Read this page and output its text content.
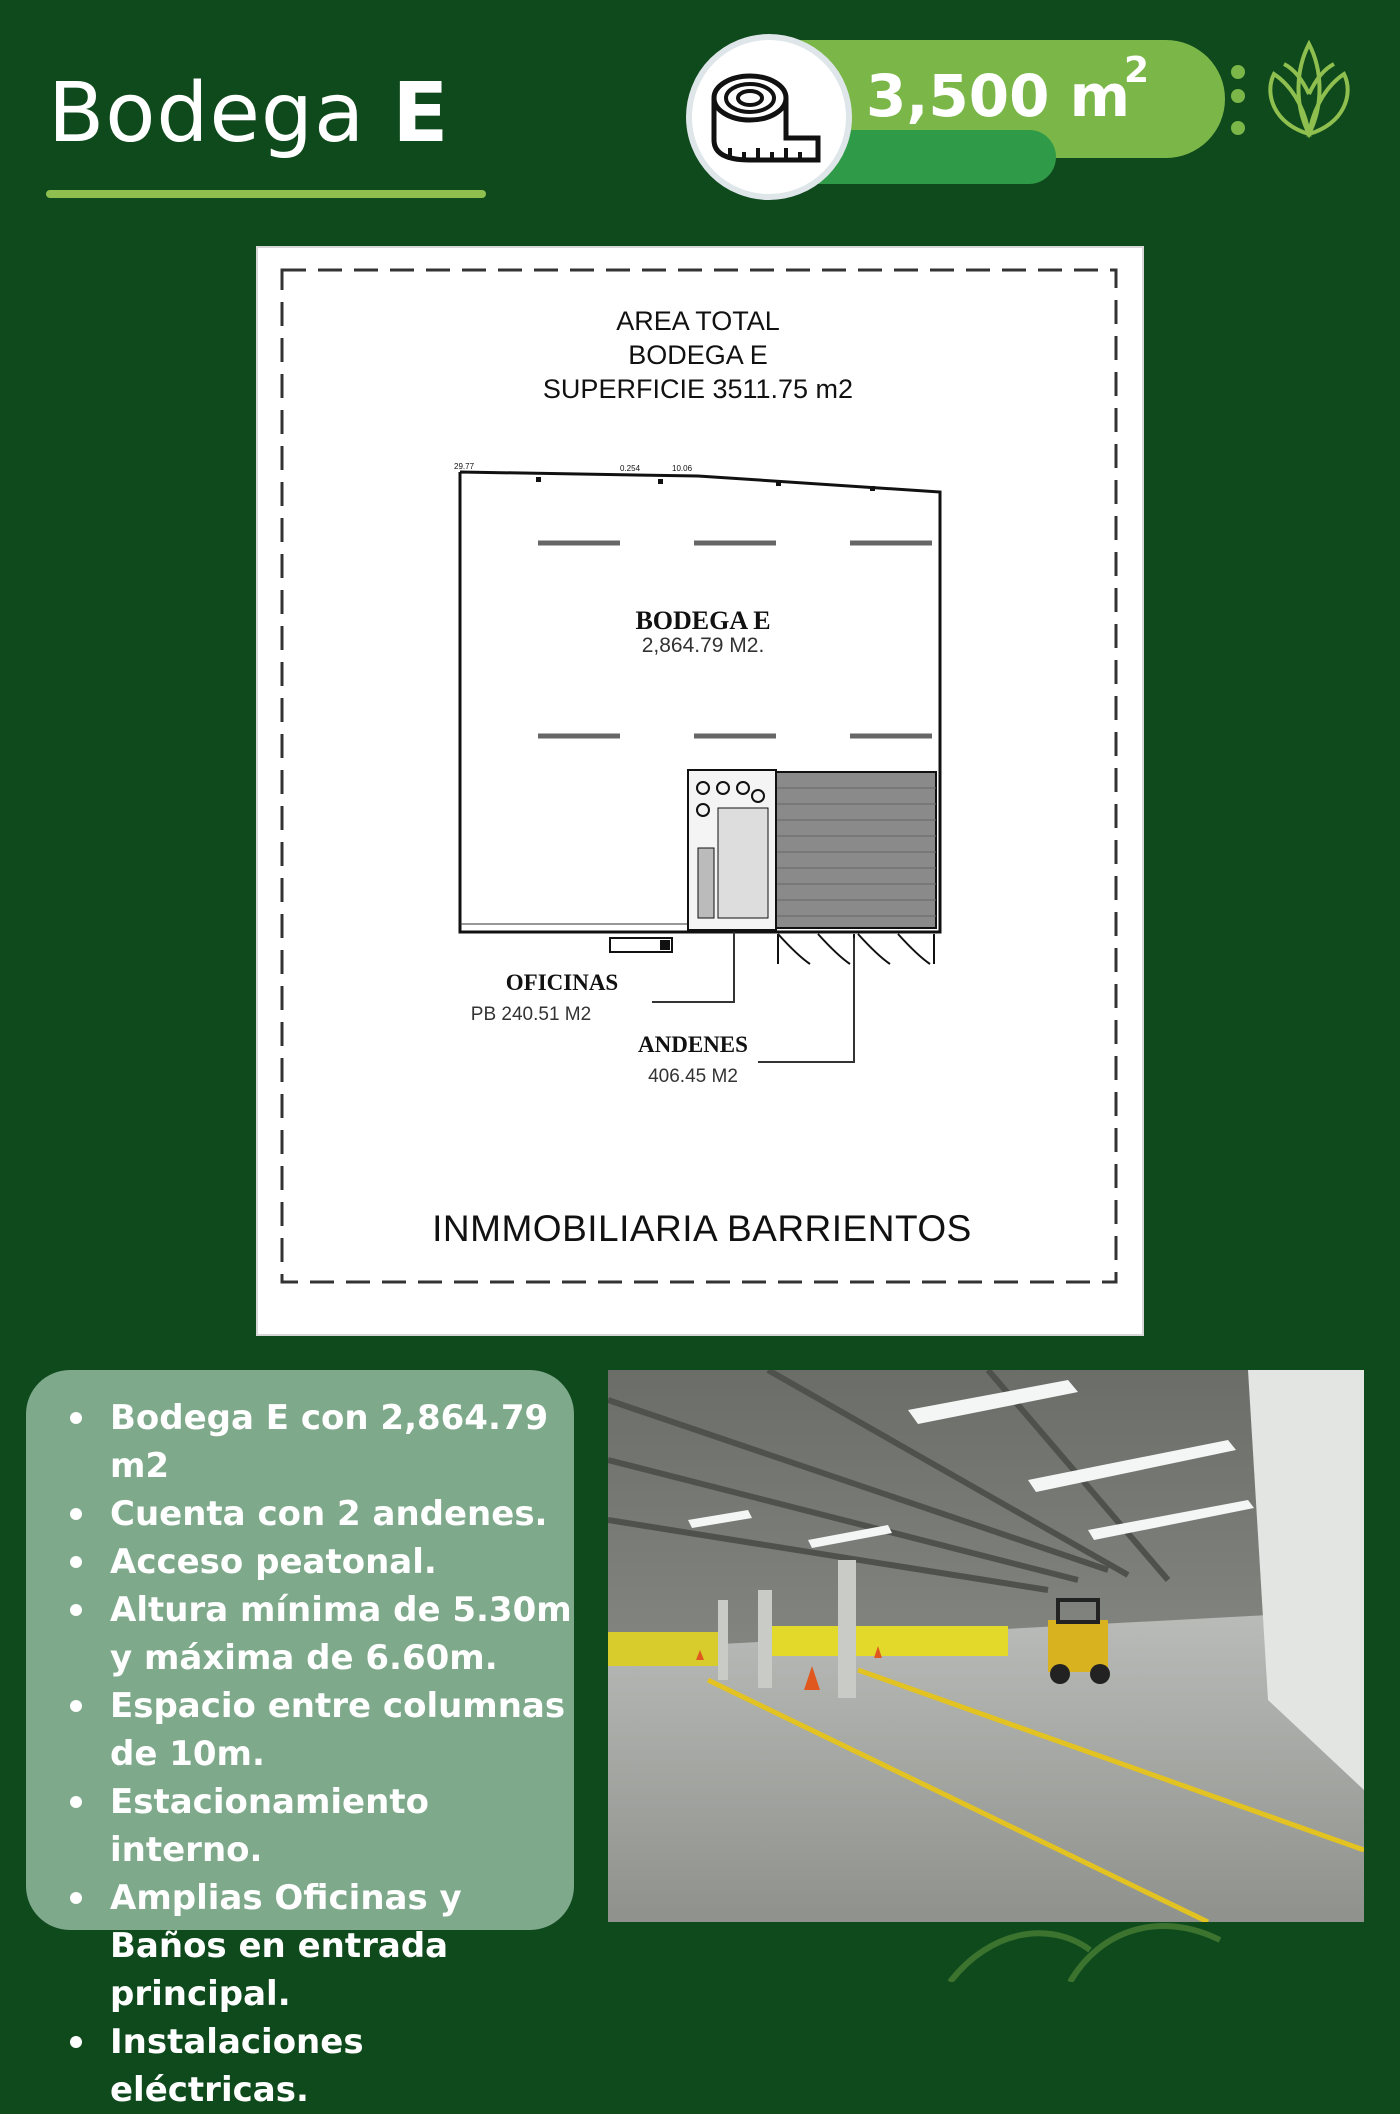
Bodega E	3,500 m
2
AREA TOTAL
BODEGA E
SUPERFICIE 3511.75 m2
29.77	0.254	10.06
BODEGA E
2,864.79 M2.
OFICINAS
PB 240.51 M2
ANDENES
406.45 M2
INMMOBILIARIA BARRIENTOS
Bodega E con 2,864.79 m2
Cuenta con 2 andenes.
Acceso peatonal.
Altura mínima de 5.30m y máxima de 6.60m.
Espacio entre columnas de 10m.
Estacionamiento interno.
Amplias Oficinas y Baños en entrada principal.
Instalaciones eléctricas.
